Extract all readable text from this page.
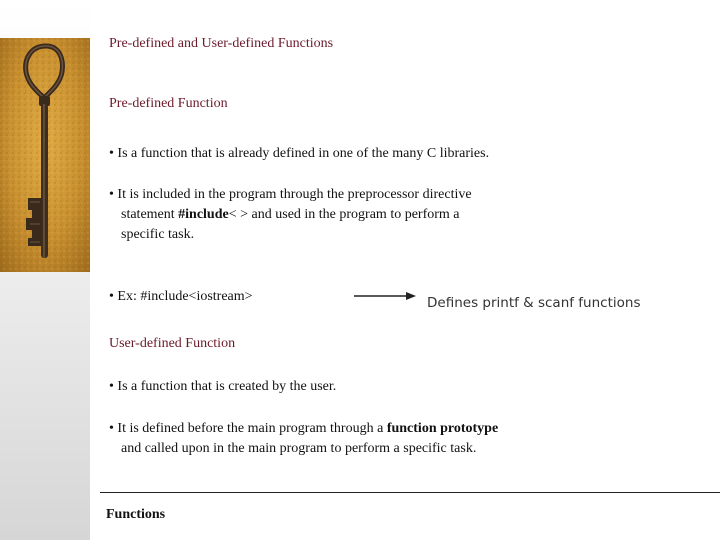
Pre-defined and User-defined Functions
Pre-defined Function
• Is a function that is already defined in one of the many C libraries.
• It is included in the program through the preprocessor directive
statement #include< > and used in the program to perform a
specific task.
• Ex: #include<iostream>	Defines printf & scanf functions
User-defined Function
• Is a function that is created by the user.
• It is defined before the main program through a function prototype
and called upon in the main program to perform a specific task.
Functions
